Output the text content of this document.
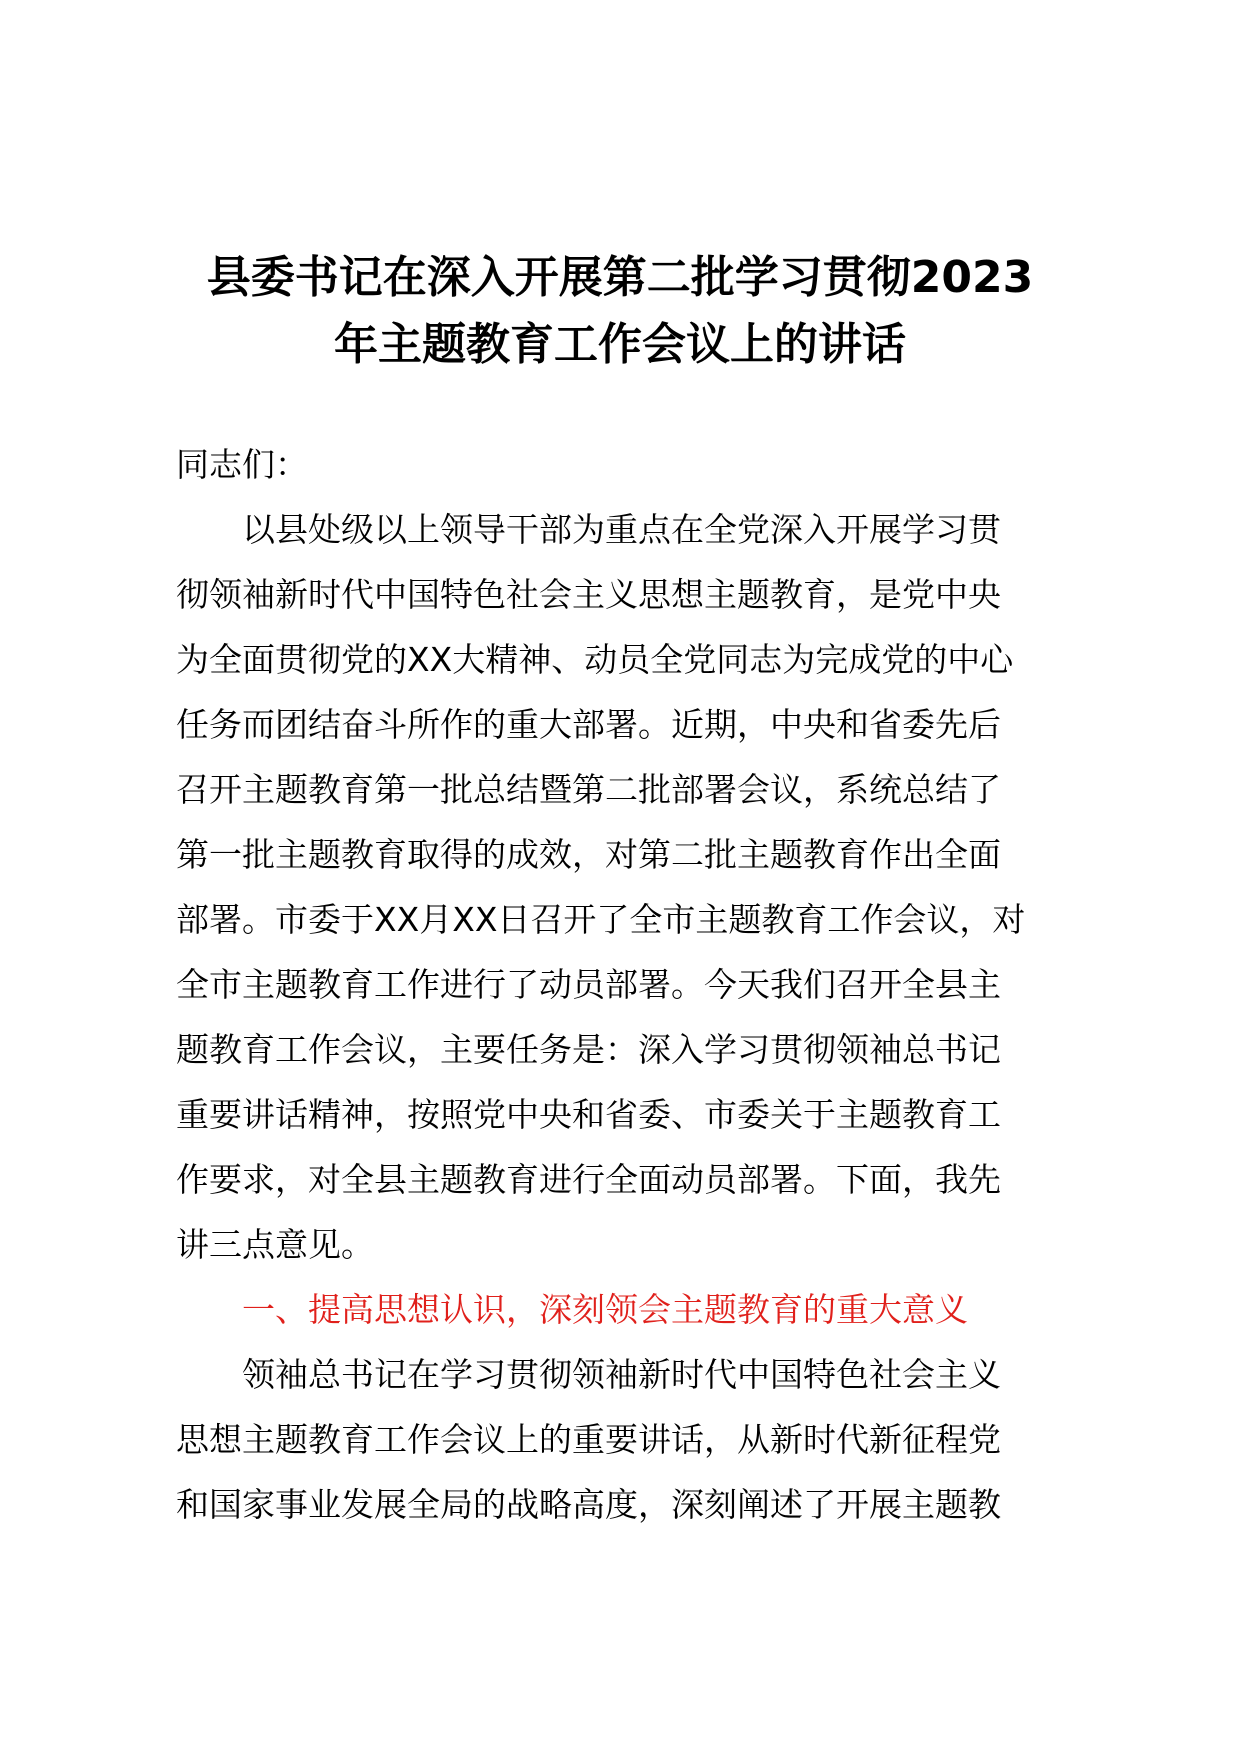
县委书记在深入开展第二批学习贯彻2023
年主题教育工作会议上的讲话
同志们：
以县处级以上领导干部为重点在全党深入开展学习贯
彻领袖新时代中国特色社会主义思想主题教育，是党中央
为全面贯彻党的XX大精神、动员全党同志为完成党的中心
任务而团结奋斗所作的重大部署。近期，中央和省委先后
召开主题教育第一批总结暨第二批部署会议，系统总结了
第一批主题教育取得的成效，对第二批主题教育作出全面
部署。市委于XX月XX日召开了全市主题教育工作会议，对
全市主题教育工作进行了动员部署。今天我们召开全县主
题教育工作会议，主要任务是：深入学习贯彻领袖总书记
重要讲话精神，按照党中央和省委、市委关于主题教育工
作要求，对全县主题教育进行全面动员部署。下面，我先
讲三点意见。
一、提高思想认识，深刻领会主题教育的重大意义
领袖总书记在学习贯彻领袖新时代中国特色社会主义
思想主题教育工作会议上的重要讲话，从新时代新征程党
和国家事业发展全局的战略高度，深刻阐述了开展主题教
